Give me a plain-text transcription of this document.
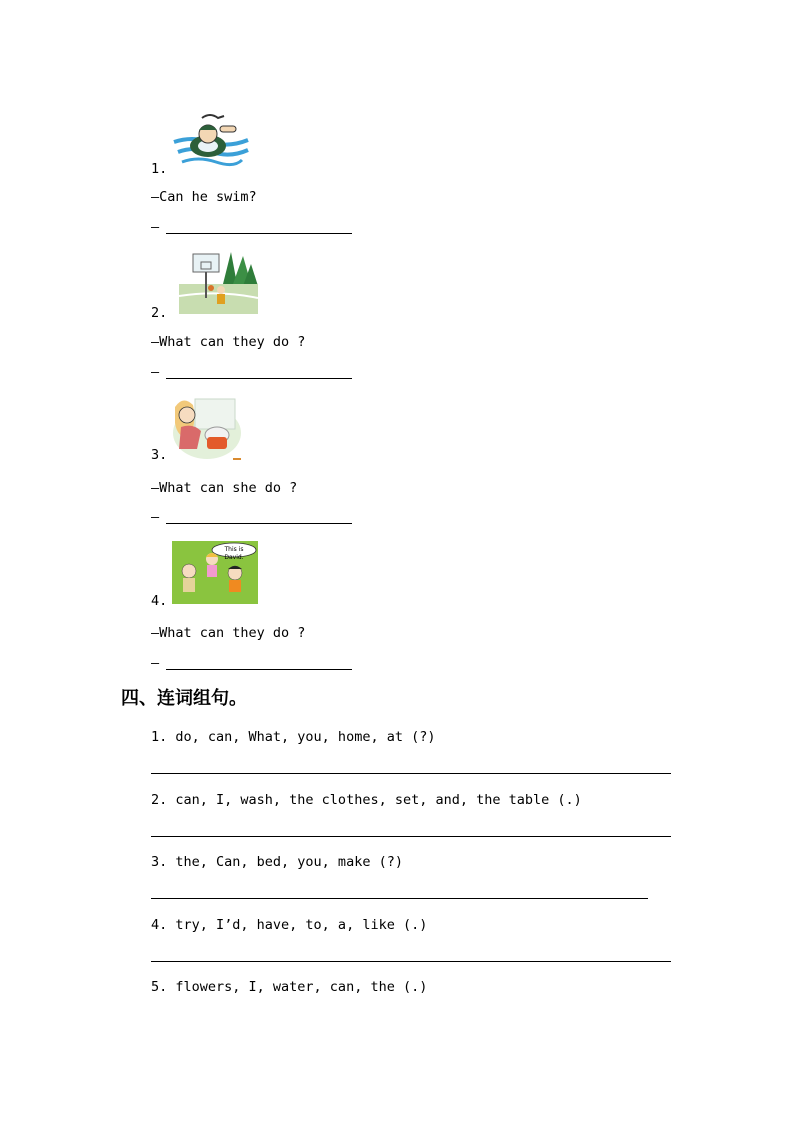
1.
—Can he swim?
—
2.
—What can they do ?
—
3.
—What can she do ?
—
This is David.
4.
—What can they do ?
—
四、连词组句。
1. do, can, What, you, home, at (?)
2. can, I, wash, the clothes, set, and, the table (.)
3. the, Can, bed, you, make (?)
4. try, I’d, have, to, a, like (.)
5. flowers, I, water, can, the (.)
